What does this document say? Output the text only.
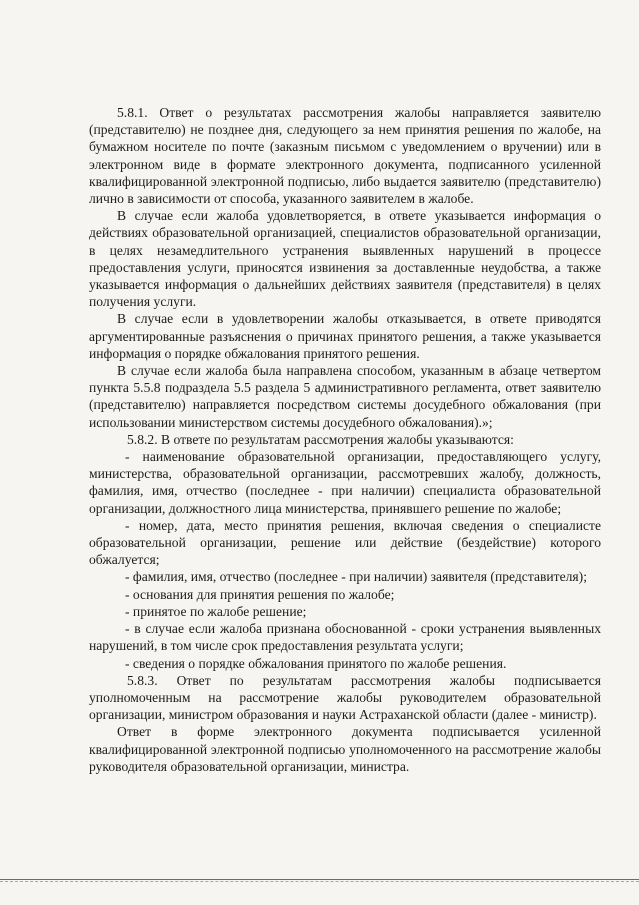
5.8.1. Ответ о результатах рассмотрения жалобы направляется заявителю (представителю) не позднее дня, следующего за нем принятия решения по жалобе, на бумажном носителе по почте (заказным письмом с уведомлением о вручении) или в электронном виде в формате электронного документа, подписанного усиленной квалифицированной электронной подписью, либо выдается заявителю (представителю) лично в зависимости от способа, указанного заявителем в жалобе.

В случае если жалоба удовлетворяется, в ответе указывается информация о действиях образовательной организацией, специалистов образовательной организации, в целях незамедлительного устранения выявленных нарушений в процессе предоставления услуги, приносятся извинения за доставленные неудобства, а также указывается информация о дальнейших действиях заявителя (представителя) в целях получения услуги.

В случае если в удовлетворении жалобы отказывается, в ответе приводятся аргументированные разъяснения о причинах принятого решения, а также указывается информация о порядке обжалования принятого решения.

В случае если жалоба была направлена способом, указанным в абзаце четвертом пункта 5.5.8 подраздела 5.5 раздела 5 административного регламента, ответ заявителю (представителю) направляется посредством системы досудебного обжалования (при использовании министерством системы досудебного обжалования).»;

5.8.2. В ответе по результатам рассмотрения жалобы указываются:

- наименование образовательной организации, предоставляющего услугу, министерства, образовательной организации, рассмотревших жалобу, должность, фамилия, имя, отчество (последнее - при наличии) специалиста образовательной организации, должностного лица министерства, принявшего решение по жалобе;

- номер, дата, место принятия решения, включая сведения о специалисте образовательной организации, решение или действие (бездействие) которого обжалуется;

- фамилия, имя, отчество (последнее - при наличии) заявителя (представителя);

- основания для принятия решения по жалобе;

- принятое по жалобе решение;

- в случае если жалоба признана обоснованной - сроки устранения выявленных нарушений, в том числе срок предоставления результата услуги;

- сведения о порядке обжалования принятого по жалобе решения.

5.8.3. Ответ по результатам рассмотрения жалобы подписывается уполномоченным на рассмотрение жалобы руководителем образовательной организации, министром образования и науки Астраханской области (далее - министр).

Ответ в форме электронного документа подписывается усиленной квалифицированной электронной подписью уполномоченного на рассмотрение жалобы руководителя образовательной организации, министра.
